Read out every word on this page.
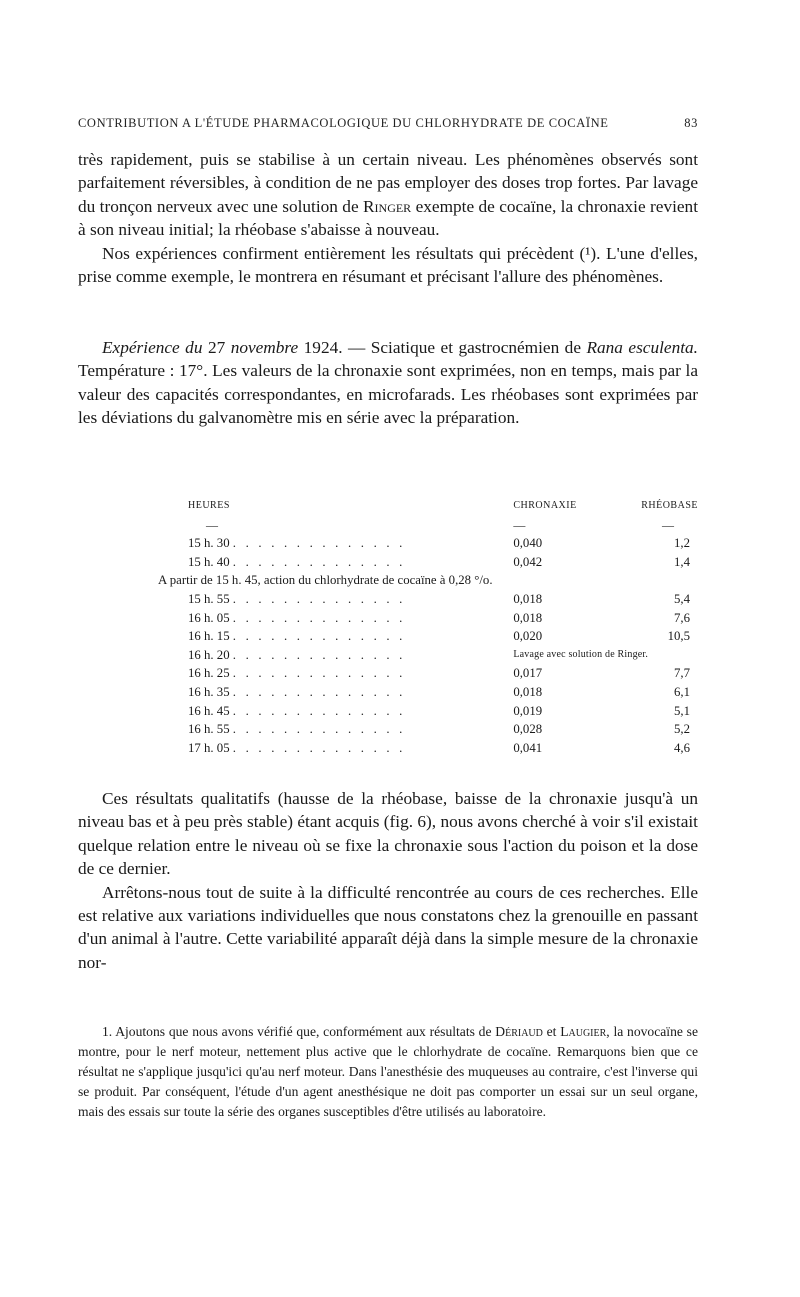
CONTRIBUTION A L'ÉTUDE PHARMACOLOGIQUE DU CHLORHYDRATE DE COCAÏNE	83

très rapidement, puis se stabilise à un certain niveau. Les phénomènes observés sont parfaitement réversibles, à condition de ne pas employer des doses trop fortes. Par lavage du tronçon nerveux avec une solution de Ringer exempte de cocaïne, la chronaxie revient à son niveau initial; la rhéobase s'abaisse à nouveau.

Nos expériences confirment entièrement les résultats qui précèdent (¹). L'une d'elles, prise comme exemple, le montrera en résumant et précisant l'allure des phénomènes.

Expérience du 27 novembre 1924. — Sciatique et gastrocnémien de Rana esculenta. Température : 17°. Les valeurs de la chronaxie sont exprimées, non en temps, mais par la valeur des capacités correspondantes, en microfarads. Les rhéobases sont exprimées par les déviations du galvanomètre mis en série avec la préparation.

HEURES	CHRONAXIE	RHÉOBASE
—	—	—
15 h. 30 . . . . . . . . . . . . . .	0,040	1,2
15 h. 40 . . . . . . . . . . . . . .	0,042	1,4
A partir de 15 h. 45, action du chlorhydrate de cocaïne à 0,28 °/o.		
15 h. 55 . . . . . . . . . . . . . .	0,018	5,4
16 h. 05 . . . . . . . . . . . . . .	0,018	7,6
16 h. 15 . . . . . . . . . . . . . .	0,020	10,5
16 h. 20 . . . . . . . . . . . . . .	Lavage avec solution de Ringer.	
16 h. 25 . . . . . . . . . . . . . .	0,017	7,7
16 h. 35 . . . . . . . . . . . . . .	0,018	6,1
16 h. 45 . . . . . . . . . . . . . .	0,019	5,1
16 h. 55 . . . . . . . . . . . . . .	0,028	5,2
17 h. 05 . . . . . . . . . . . . . .	0,041	4,6

Ces résultats qualitatifs (hausse de la rhéobase, baisse de la chronaxie jusqu'à un niveau bas et à peu près stable) étant acquis (fig. 6), nous avons cherché à voir s'il existait quelque relation entre le niveau où se fixe la chronaxie sous l'action du poison et la dose de ce dernier.

Arrêtons-nous tout de suite à la difficulté rencontrée au cours de ces recherches. Elle est relative aux variations individuelles que nous constatons chez la grenouille en passant d'un animal à l'autre. Cette variabilité apparaît déjà dans la simple mesure de la chronaxie nor-

1. Ajoutons que nous avons vérifié que, conformément aux résultats de Dériaud et Laugier, la novocaïne se montre, pour le nerf moteur, nettement plus active que le chlorhydrate de cocaïne. Remarquons bien que ce résultat ne s'applique jusqu'ici qu'au nerf moteur. Dans l'anesthésie des muqueuses au contraire, c'est l'inverse qui se produit. Par conséquent, l'étude d'un agent anesthésique ne doit pas comporter un essai sur un seul organe, mais des essais sur toute la série des organes susceptibles d'être utilisés au laboratoire.
